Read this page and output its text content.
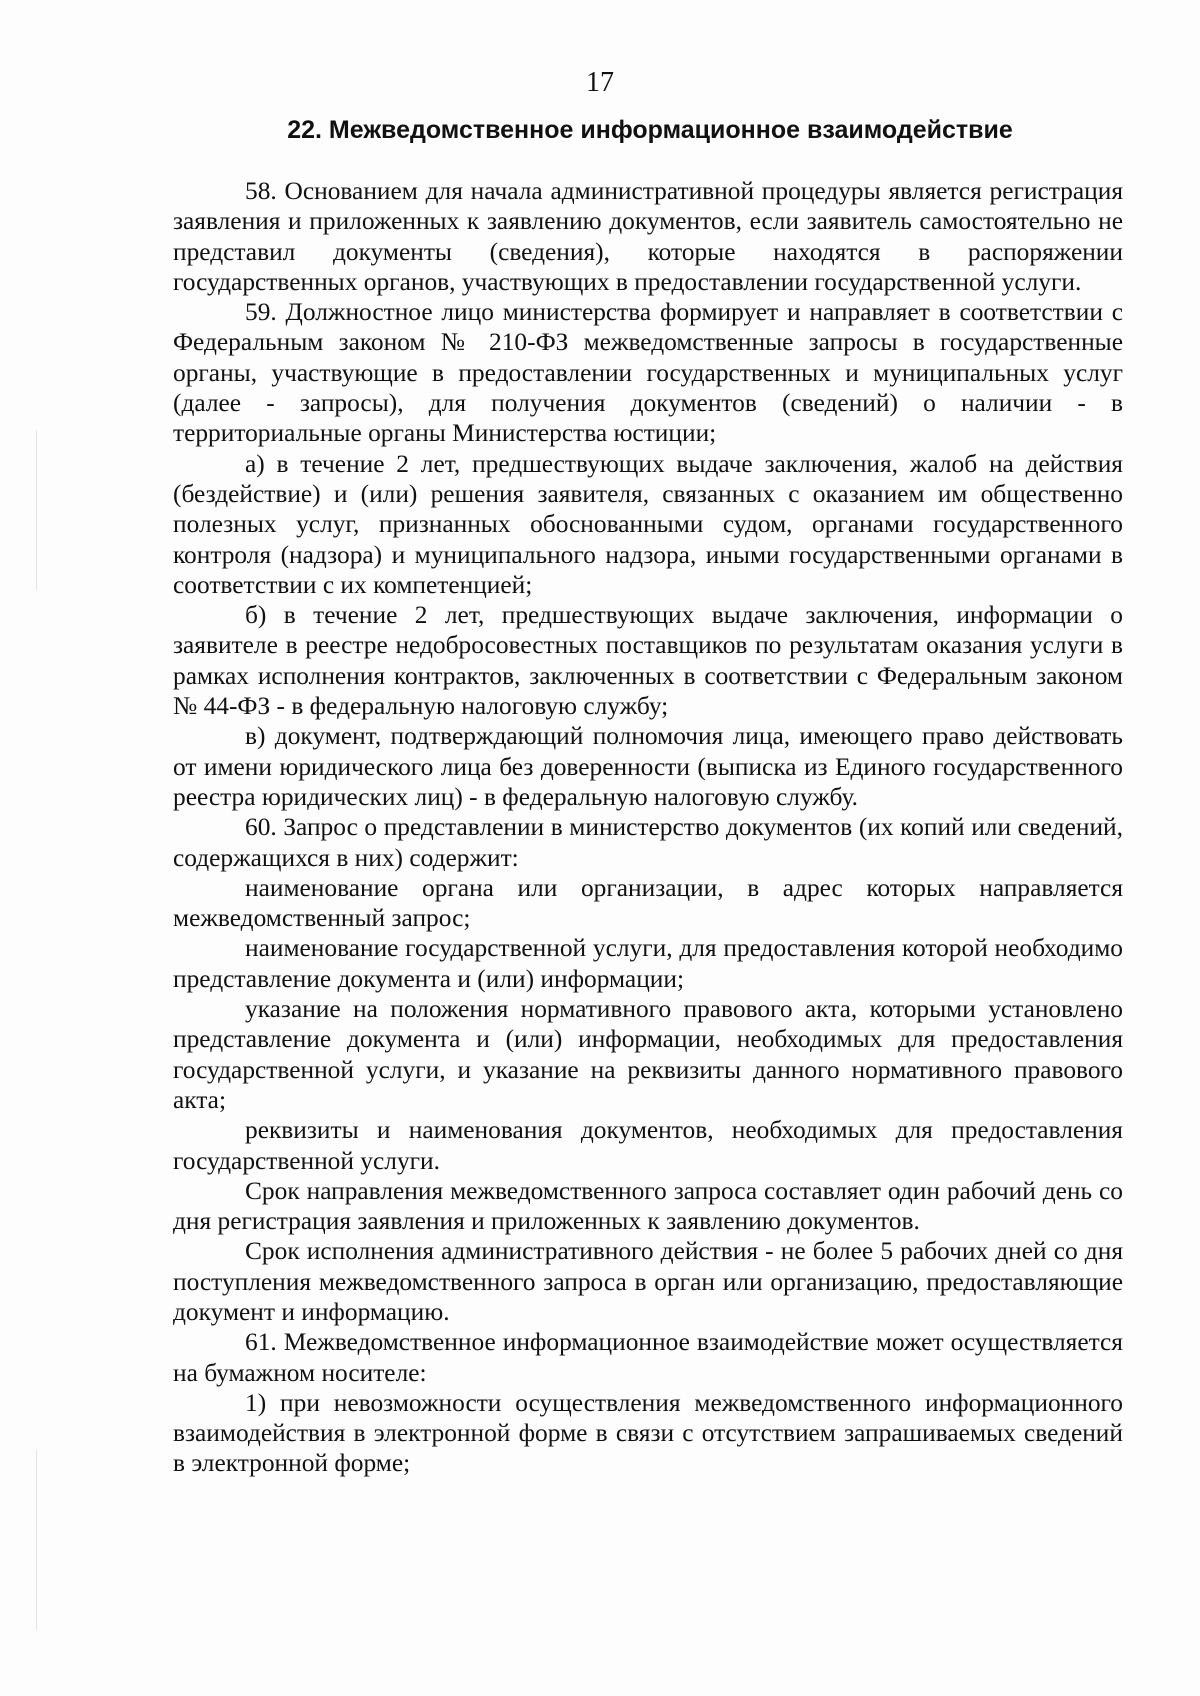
17
22. Межведомственное информационное взаимодействие

58. Основанием для начала административной процедуры является регистрация заявления и приложенных к заявлению документов, если заявитель самостоятельно не представил документы (сведения), которые находятся в распоряжении государственных органов, участвующих в предоставлении государственной услуги.

59. Должностное лицо министерства формирует и направляет в соответствии с Федеральным законом № 210-ФЗ межведомственные запросы в государственные органы, участвующие в предоставлении государственных и муниципальных услуг (далее - запросы), для получения документов (сведений) о наличии - в территориальные органы Министерства юстиции;

а) в течение 2 лет, предшествующих выдаче заключения, жалоб на действия (бездействие) и (или) решения заявителя, связанных с оказанием им общественно полезных услуг, признанных обоснованными судом, органами государственного контроля (надзора) и муниципального надзора, иными государственными органами в соответствии с их компетенцией;

б) в течение 2 лет, предшествующих выдаче заключения, информации о заявителе в реестре недобросовестных поставщиков по результатам оказания услуги в рамках исполнения контрактов, заключенных в соответствии с Федеральным законом № 44-ФЗ - в федеральную налоговую службу;

в) документ, подтверждающий полномочия лица, имеющего право действовать от имени юридического лица без доверенности (выписка из Единого государственного реестра юридических лиц) - в федеральную налоговую службу.

60. Запрос о представлении в министерство документов (их копий или сведений, содержащихся в них) содержит:

наименование органа или организации, в адрес которых направляется межведомственный запрос;

наименование государственной услуги, для предоставления которой необходимо представление документа и (или) информации;

указание на положения нормативного правового акта, которыми установлено представление документа и (или) информации, необходимых для предоставления государственной услуги, и указание на реквизиты данного нормативного правового акта;

реквизиты и наименования документов, необходимых для предоставления государственной услуги.

Срок направления межведомственного запроса составляет один рабочий день со дня регистрация заявления и приложенных к заявлению документов.

Срок исполнения административного действия - не более 5 рабочих дней со дня поступления межведомственного запроса в орган или организацию, предоставляющие документ и информацию.

61. Межведомственное информационное взаимодействие может осуществляется на бумажном носителе:

1) при невозможности осуществления межведомственного информационного взаимодействия в электронной форме в связи с отсутствием запрашиваемых сведений в электронной форме;
